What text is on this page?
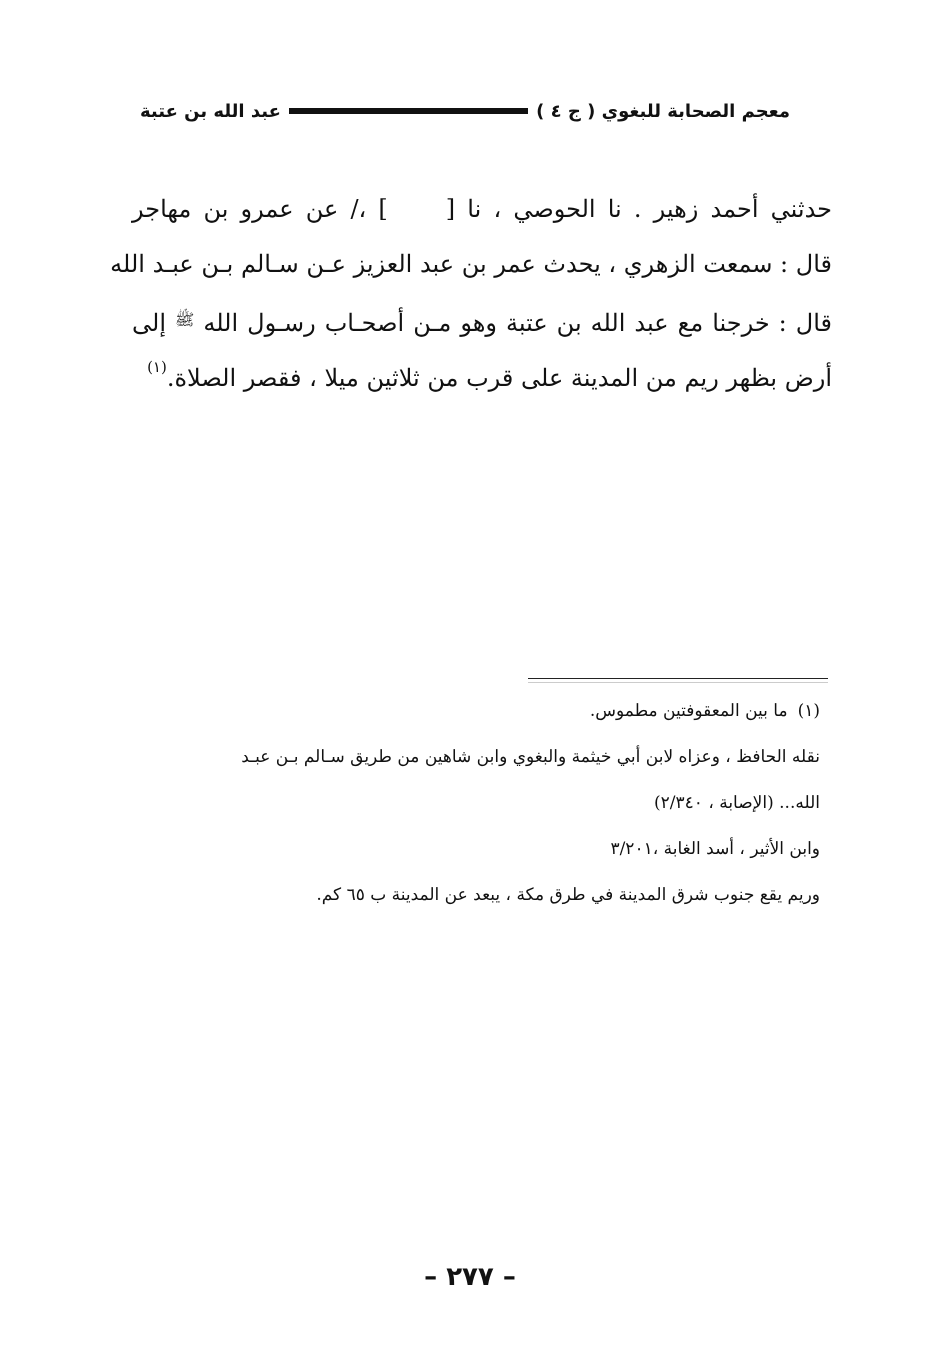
معجم الصحابة للبغوي ( ج ٤ )
عبد الله بن عتبة
حدثني أحمد زهير . نا الحوصي ، نا [] ،/ عن عمرو بن مهاجر
قال : سمعت الزهري ، يحدث عمر بن عبد العزيز عـن سـالم بـن عبـد الله
قال : خرجنا مع عبد الله بن عتبة وهو مـن أصحـاب رسـول الله $^ﷺ$ إلى
أرض بظهر ريم من المدينة على قرب من ثلاثين ميلا ، فقصر الصلاة.$^{(١)}$
(١)ما بين المعقوفتين مطموس.
نقله الحافظ ، وعزاه لابن أبي خيثمة والبغوي وابن شاهين من طريق سـالم بـن عبـد
الله... (الإصابة ، ٢/٣٤٠)
وابن الأثير ، أسد الغابة ،٣/٢٠١
وريم يقع جنوب شرق المدينة في طرق مكة ، يبعد عن المدينة ب ٦٥ كم.
– ٢٧٧ –
